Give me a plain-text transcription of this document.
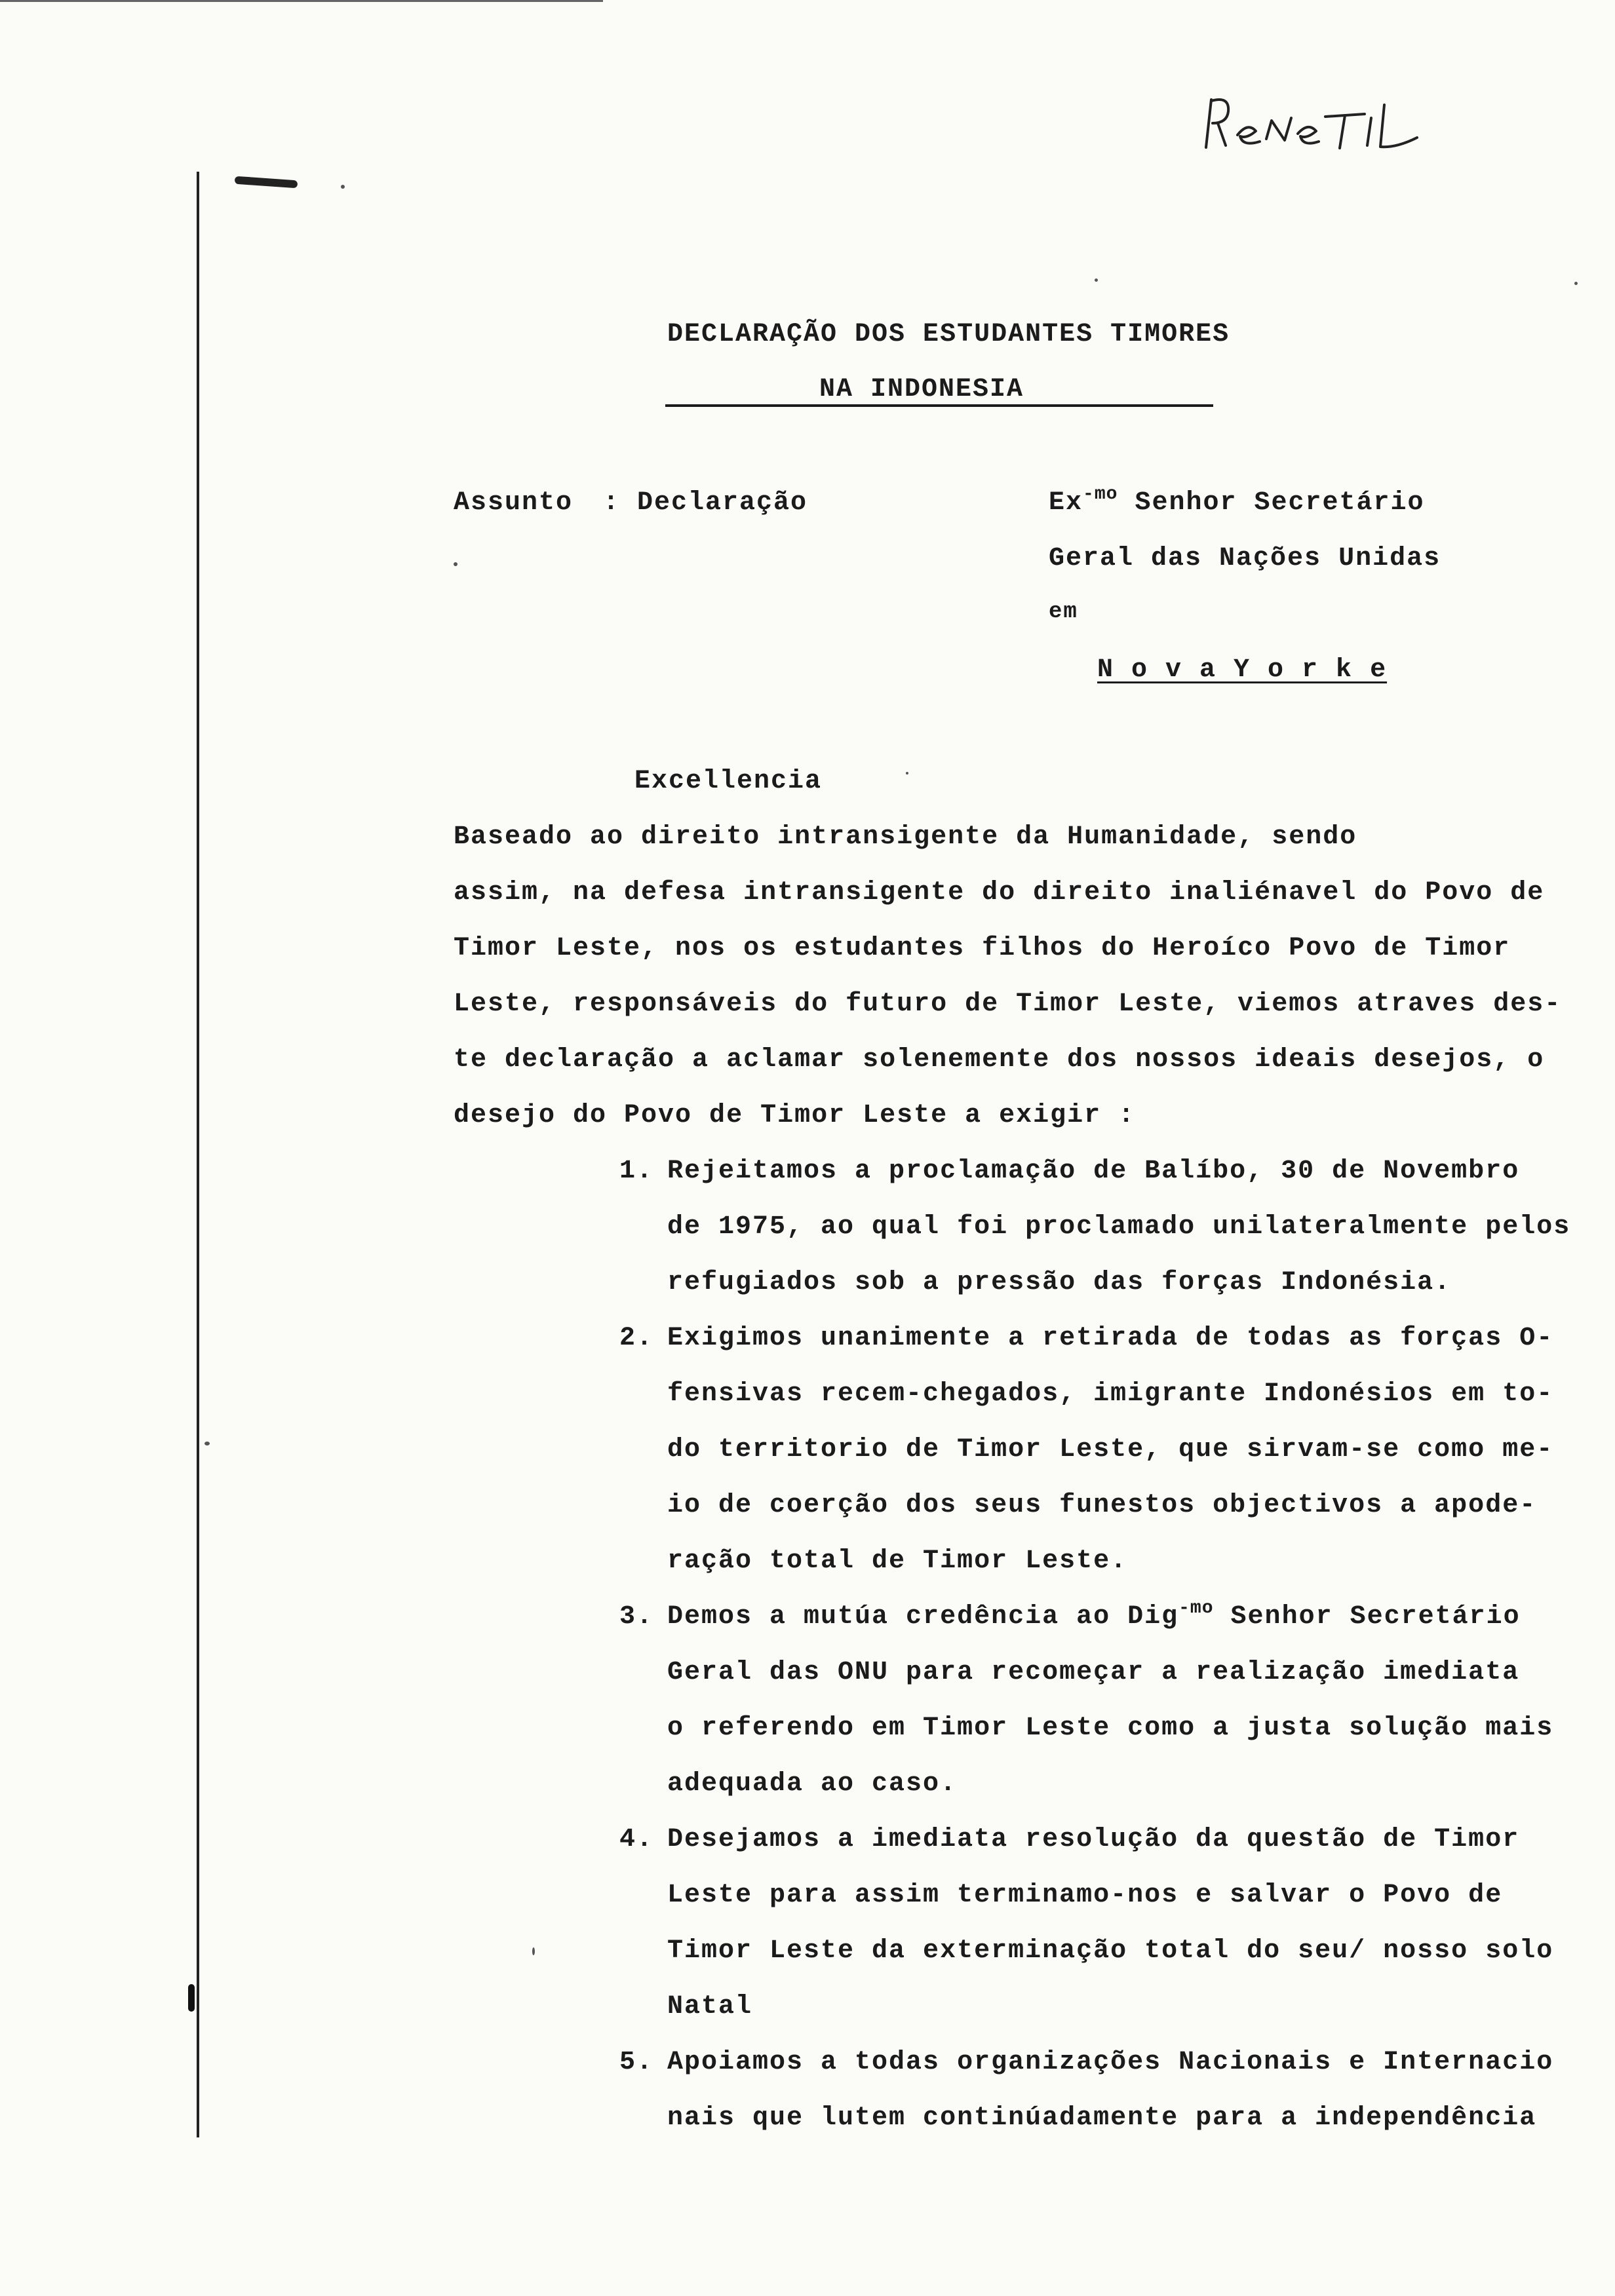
DECLARAÇÃO DOS ESTUDANTES TIMORES
NA INDONESIA
Assunto : Declaração	$Ex^{-mo}$ Senhor Secretário
Geral das Nações Unidas
em
N o v a Y o r k e
Excellencia
Baseado ao direito intransigente da Humanidade, sendo
assim, na defesa intransigente do direito inaliénavel do Povo de
Timor Leste, nos os estudantes filhos do Heroíco Povo de Timor
Leste, responsáveis do futuro de Timor Leste, viemos atraves des-
te declaração a aclamar solenemente dos nossos ideais desejos, o
desejo do Povo de Timor Leste a exigir :
1. Rejeitamos a proclamação de Balíbo, 30 de Novembro
de 1975, ao qual foi proclamado unilateralmente pelos
refugiados sob a pressão das forças Indonésia.
2. Exigimos unanimente a retirada de todas as forças O-
fensivas recem-chegados, imigrante Indonésios em to-
do territorio de Timor Leste, que sirvam-se como me-
io de coerção dos seus funestos objectivos a apode-
ração total de Timor Leste.
3. Demos a mutúa credência ao Dig$^{-mo}$ Senhor Secretário
Geral das ONU para recomeçar a realização imediata
o referendo em Timor Leste como a justa solução mais
adequada ao caso.
4. Desejamos a imediata resolução da questão de Timor
Leste para assim terminamo-nos e salvar o Povo de
Timor Leste da exterminação total do seu/ nosso solo
Natal
5. Apoiamos a todas organizações Nacionais e Internacio
nais que lutem continúadamente para a independência
